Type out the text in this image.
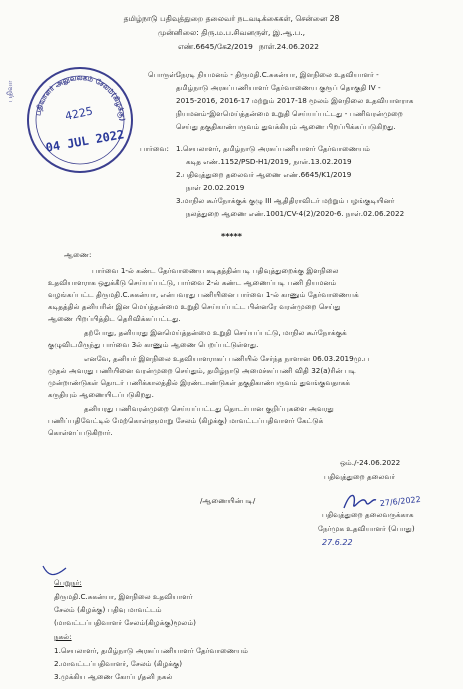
தமிழ்நாடு பதிவுத்துறை தலைவர் நடவடிக்கைகள், சென்னை 28
முன்னிலை: திரு.ம.ப.சிவனருள், இ.ஆ.ப.,
எண்.6645/கே2/2019 நாள்.24.06.2022
பதிவாளர் அலுவலகம் சேலம்(கிழக்கு)
4225
04 JUL 2022
பதிவா
பொருள்:
நேரடி நியமனம் - திருமதி.C.சுகன்யா, இளநிலை உதவியாளர் -
தமிழ்நாடு அரசுப்பணியாளர் தேர்வாணைய குரூப் தொகுதி IV -
2015-2016, 2016-17 மற்றும் 2017-18 மூலம் இளநிலை உதவியாளராக
நியமனம்-இளமெய்த்தன்மை உறுதி செய்யப்பட்டது - பணிவரன்முறை
செய்து தகுதிகாண்பருவம் துவக்கியும் ஆணை பிறப்பிக்கப்படுகிறது.
பார்வை: 1.செயலாளர், தமிழ்நாடு அரசுப்பணியாளர் தேர்வாணையம்
கடித எண்.1152/PSD-H1/2019, நாள்.13.02.2019
2.பதிவுத்துறை தலைவர் ஆணை எண்.6645/K1/2019
நாள் 20.02.2019
3.மாநில கூர்நோக்குக் குழு III ஆதிதிராவிடர் மற்றும் பழங்குடியினர்
நலத்துறை ஆணை எண்.1001/CV-4(2)/2020-6. நாள்.02.06.2022
*****
ஆணை:
பார்வை 1-ல் கண்ட தேர்வாணைய கடிதத்தின்படி பதிவுத்துறைக்கு இளநிலை
உதவியாளராக ஒதுக்கீடு செய்யப்பட்டு, பார்வை 2-ல் கண்ட ஆணைப்படி பணி நியமனம்
வழங்கப்பட்ட திருமதி.C.சுகன்யா, என்பவரது பணியினை பார்வை 1-ல் காணும் தேர்வாணையக்
கடிதத்தில் தனியரின் இன மெய்த்தன்மை உறுதி செய்யப்பட்ட பின்னரே வரன்முறை செய்து
ஆணை பிறப்பித்திட தெரிவிக்கப்பட்டது.
தற்போது, தனியரது இனமெய்த்தன்மை உறுதி செய்யப்பட்டு, மாநில கூர்நோக்குக்
குழுவிடமிருந்து பார்வை 3ல் காணும் ஆணை பெறப்பட்டுள்ளது.
எனவே, தனியர் இளநிலை உதவியாளராகப் பணியில் சேர்ந்த நாளான 06.03.2019மு.ப
முதல் அவரது பணியினை வரன்முறை செய்தும், தமிழ்நாடு அமைச்சுப்பணி விதி 32(a)ரின் படி
முன்றாண்டுகள் தொடர் பணிக்காலத்தில் இரண்டாண்டுகள் தகுதிகாண்பருவம் துவங்குவதாகக்
கருதியும் ஆணையிடப்படுகிறது.
தனியரது பணிவரன்முறை செய்யப்பட்டது தொடர்பான குறிப்புகளை அவரது
பணிப்பதிவேட்டில் மேற்கொள்ளுமாறு சேலம் (கிழக்கு) மாவட்டப்பதிவாளர் கேட்டுக்
கொள்ளப்படுகிறார்.
ஒம்./-24.06.2022
பதிவுத்துறை தலைவர்
/ஆணையின்படி/	27/6/2022
பதிவுத்துறை தலைவருக்காக
நேர்முக உதவியாளர் (பொது)
27.6.22
பெறுநர்:
திருமதி.C.சுகன்யா, இளநிலை உதவியாளர்
சேலம் (கிழக்கு) பதிவு மாவட்டம்
(மாவட்டப்பதிவாளர் சேலம்(கிழக்கு)மூலம்)
நகல்:
1.செயலாளர், தமிழ்நாடு அரசுப்பணியாளர் தேர்வாணையம்
2.மாவட்டப்பதிவாளர், சேலம் (கிழக்கு)
3.முக்கிய ஆணை கோப்பு/தனி நகல்
